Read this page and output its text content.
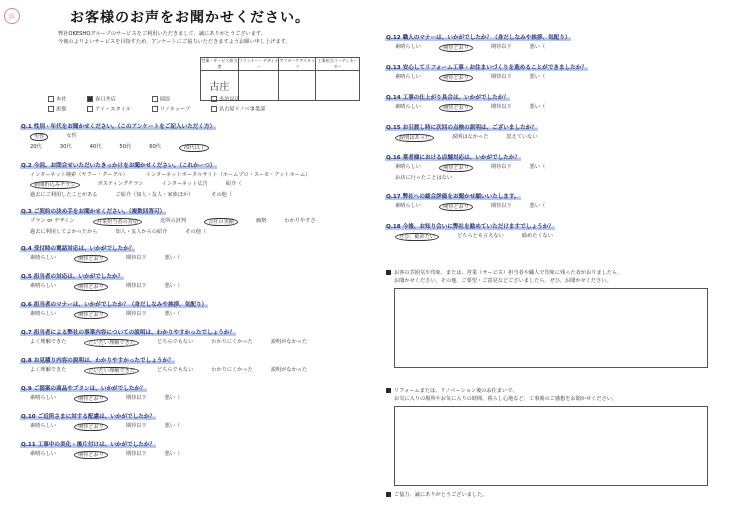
J1	お客様のお声をお聞かせください。
弊社OKESHOグループのサービスをご利用いただきまして、誠にありがとうございます。
今後のよりよいサービスを目指すため、アンケートにご協力いただきますようお願い申し上げます。
営業・サービス担当者	プランナー・デザイナー	アフターケアスタッフ	工事担当コーディネーター
古庄			
本社	春日井店	瑞浪	多治見店
恵那	アイ・スタイル	リノキューブ	名古屋リノベ事業部
Q.1 性別・年代をお聞かせください。（このアンケートをご記入いただく方）
男性	女性
20代	30代	40代	50代	60代	70代以上
Q.2 今回、お問合せいただいたきっかけをお聞かせください。（これかーつ）
インターネット検索（ヤフー・グーグル）	インターネットポータルサイト（ホームプロ・スーモ・アットホーム）
新聞折込みチラシ	ポスティングチラシ	インターネット広告	紹介（
過去にご利用したことがある	ご紹介（知人・友人・家族ほか）	その他（
Q.3 ご契約の決め手をお聞かせください。（複数回答可）
プラン or デザイン	営業担当者の対応	近所の評判	会社の実績	価格	わかりやすさ
過去に利用してよかったから	知人・友人からの紹介	その他（
Q.4 受付時の電話対応は、いかがでしたか？
素晴らしい	期待どおり	期待以下	悪い（
Q.5 担当者の対応は、いかがでしたか？
素晴らしい	期待どおり	期待以下	悪い（
Q.6 担当者のマナーは、いかがでしたか？（身だしなみや挨拶、気配り）
素晴らしい	期待どおり	期待以下	悪い（
Q.7 担当者による弊社の事業内容についての説明は、わかりやすかったでしょうか？
よく理解できた	だいたい理解できた	どちらでもない	わかりにくかった	説明がなかった
Q.8 お見積り内容の説明は、わかりやすかったでしょうか？
よく理解できた	だいたい理解できた	どちらでもない	わかりにくかった	説明がなかった
Q.9 ご提案の商品やプランは、いかがでしたか？
素晴らしい	期待どおり	期待以下	悪い（
Q.10 ご近所さまに対する配慮は、いかがでしたか？
素晴らしい	期待どおり	期待以下	悪い（
Q.11 工事中の美化・後片付けは、いかがでしたか？
素晴らしい	期待どおり	期待以下	悪い（
Q.12 職人のマナーは、いかがでしたか？（身だしなみや挨拶、気配り）
素晴らしい	期待どおり	期待以下	悪い（
Q.13 安心してリフォーム工事・お住まいづくりを進めることができましたか？
素晴らしい	期待どおり	期待以下	悪い（
Q.14 工事の仕上がり具合は、いかがでしたか？
素晴らしい	期待どおり	期待以下	悪い（
Q.15 お引渡し時に次回の点検の説明は、ございましたか？
説明はあった	説明はなかった	覚えていない
Q.16 業者様における店舗対応は、いかがでしたか？
素晴らしい	期待どおり	期待以下	悪い（
お店に行ったことはない
Q.17 弊社への総合評価をお聞かせ願いいたします。
素晴らしい	期待どおり	期待以下	悪い（
Q.18 今後、お知り合いに弊社を勧めていただけますでしょうか？
ぜひ、勧めたい	どちらとも言えない	勧めたくない
お客の雰囲気や印象、または、営業（サービス）担当者や職人で印象に残った者がおりましたら、
お聞かせください。その他、ご要望・ご意見などございましたら、ぜひ、お聞かせください。
リフォームまたは、リノベーション後のお住まいで、
お気に入りの場所やお気に入りの時間、暮らし心地など、工事後のご感想をお聞かせください。
ご協力、誠にありがとうございました。
